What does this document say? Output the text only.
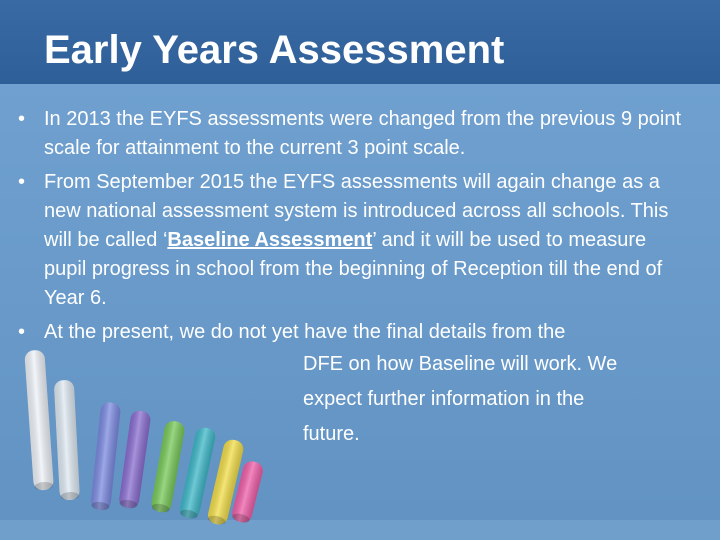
Early Years Assessment
• In 2013 the EYFS assessments were changed from the previous 9 point scale for attainment to the current 3 point scale.
• From September 2015 the EYFS assessments will again change as a new national assessment system is introduced across all schools. This will be called ‘Baseline Assessment’ and it will be used to measure pupil progress in school from the beginning of Reception till the end of Year 6.
• At the present, we do not yet have the final details from the
DFE on how Baseline will work. We
expect further information in the
future.
